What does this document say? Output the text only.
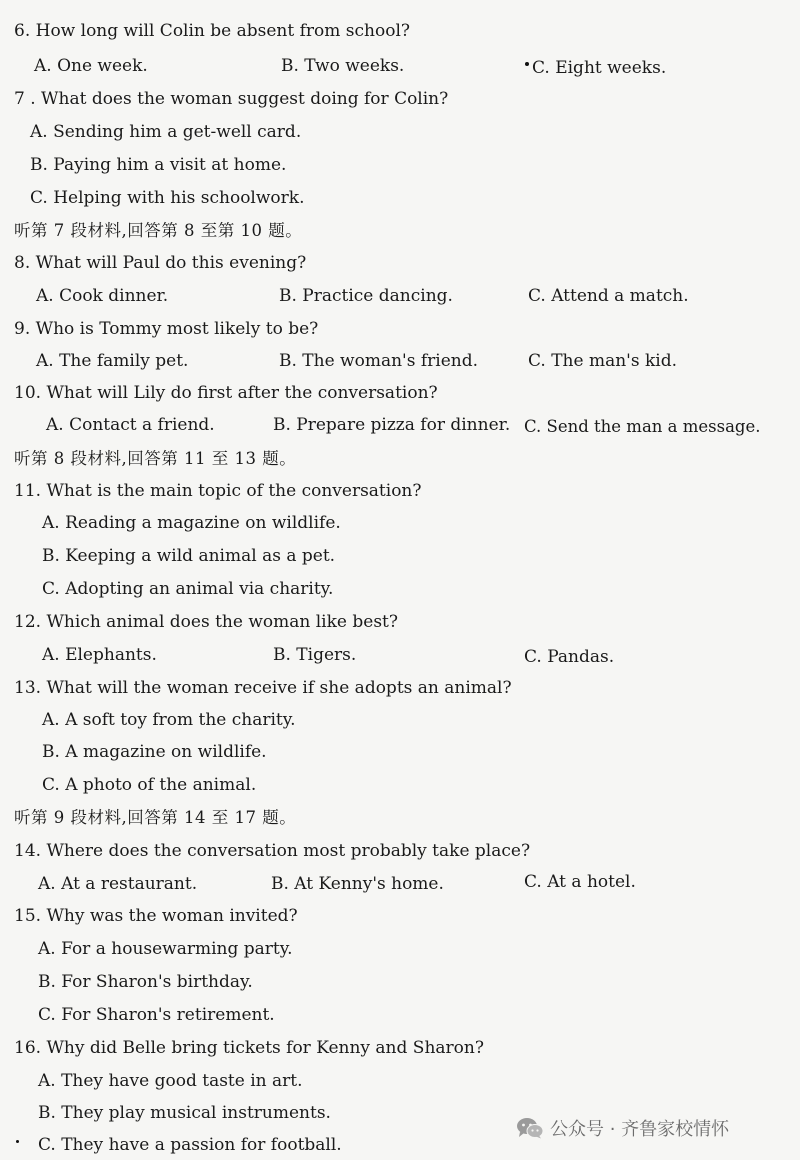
6. How long will Colin be absent from school?
A. One week.	B. Two weeks.	C. Eight weeks.
7 . What does the woman suggest doing for Colin?
A. Sending him a get-well card.
B. Paying him a visit at home.
C. Helping with his schoolwork.
听第 7 段材料,回答第 8 至第 10 题。
8. What will Paul do this evening?
A. Cook dinner.	B. Practice dancing.	C. Attend a match.
9. Who is Tommy most likely to be?
A. The family pet.	B. The woman's friend.	C. The man's kid.
10. What will Lily do first after the conversation?
A. Contact a friend.	B. Prepare pizza for dinner. C. Send the man a message.
听第 8 段材料,回答第 11 至 13 题。
11. What is the main topic of the conversation?
A. Reading a magazine on wildlife.
B. Keeping a wild animal as a pet.
C. Adopting an animal via charity.
12. Which animal does the woman like best?
A. Elephants.	B. Tigers.	C. Pandas.
13. What will the woman receive if she adopts an animal?
A. A soft toy from the charity.
B. A magazine on wildlife.
C. A photo of the animal.
听第 9 段材料,回答第 14 至 17 题。
14. Where does the conversation most probably take place?
A. At a restaurant.	B. At Kenny's home.	C. At a hotel.
15. Why was the woman invited?
A. For a housewarming party.
B. For Sharon's birthday.
C. For Sharon's retirement.
16. Why did Belle bring tickets for Kenny and Sharon?
A. They have good taste in art.
B. They play musical instruments.
C. They have a passion for football.
公众号 · 齐鲁家校情怀
